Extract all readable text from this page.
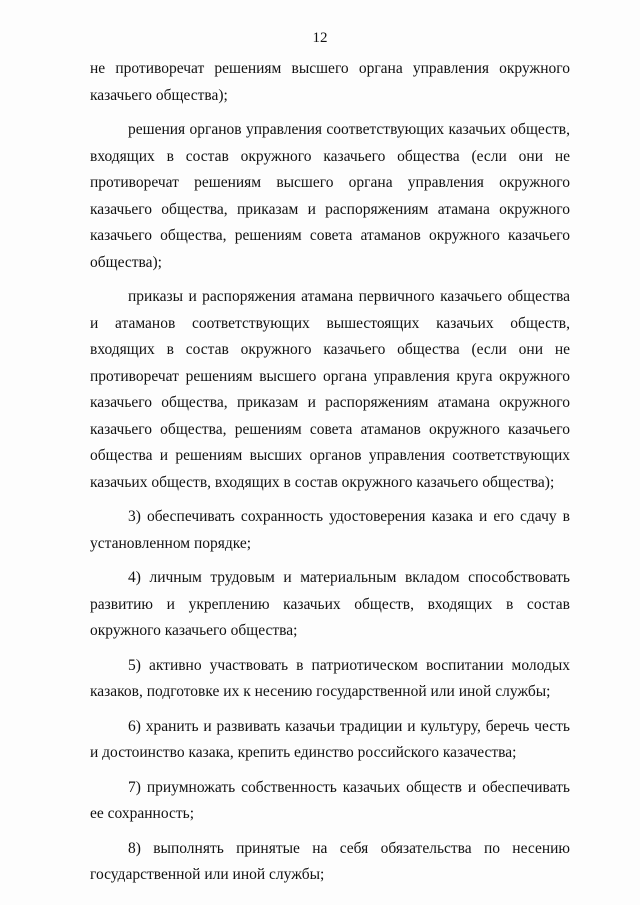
12

не противоречат решениям высшего органа управления окружного казачьего общества);

решения органов управления соответствующих казачьих обществ, входящих в состав окружного казачьего общества (если они не противоречат решениям высшего органа управления окружного казачьего общества, приказам и распоряжениям атамана окружного казачьего общества, решениям совета атаманов окружного казачьего общества);

приказы и распоряжения атамана первичного казачьего общества и атаманов соответствующих вышестоящих казачьих обществ, входящих в состав окружного казачьего общества (если они не противоречат решениям высшего органа управления круга окружного казачьего общества, приказам и распоряжениям атамана окружного казачьего общества, решениям совета атаманов окружного казачьего общества и решениям высших органов управления соответствующих казачьих обществ, входящих в состав окружного казачьего общества);

3) обеспечивать сохранность удостоверения казака и его сдачу в установленном порядке;

4) личным трудовым и материальным вкладом способствовать развитию и укреплению казачьих обществ, входящих в состав окружного казачьего общества;

5) активно участвовать в патриотическом воспитании молодых казаков, подготовке их к несению государственной или иной службы;

6) хранить и развивать казачьи традиции и культуру, беречь честь и достоинство казака, крепить единство российского казачества;

7) приумножать собственность казачьих обществ и обеспечивать ее сохранность;

8) выполнять принятые на себя обязательства по несению государственной или иной службы;
